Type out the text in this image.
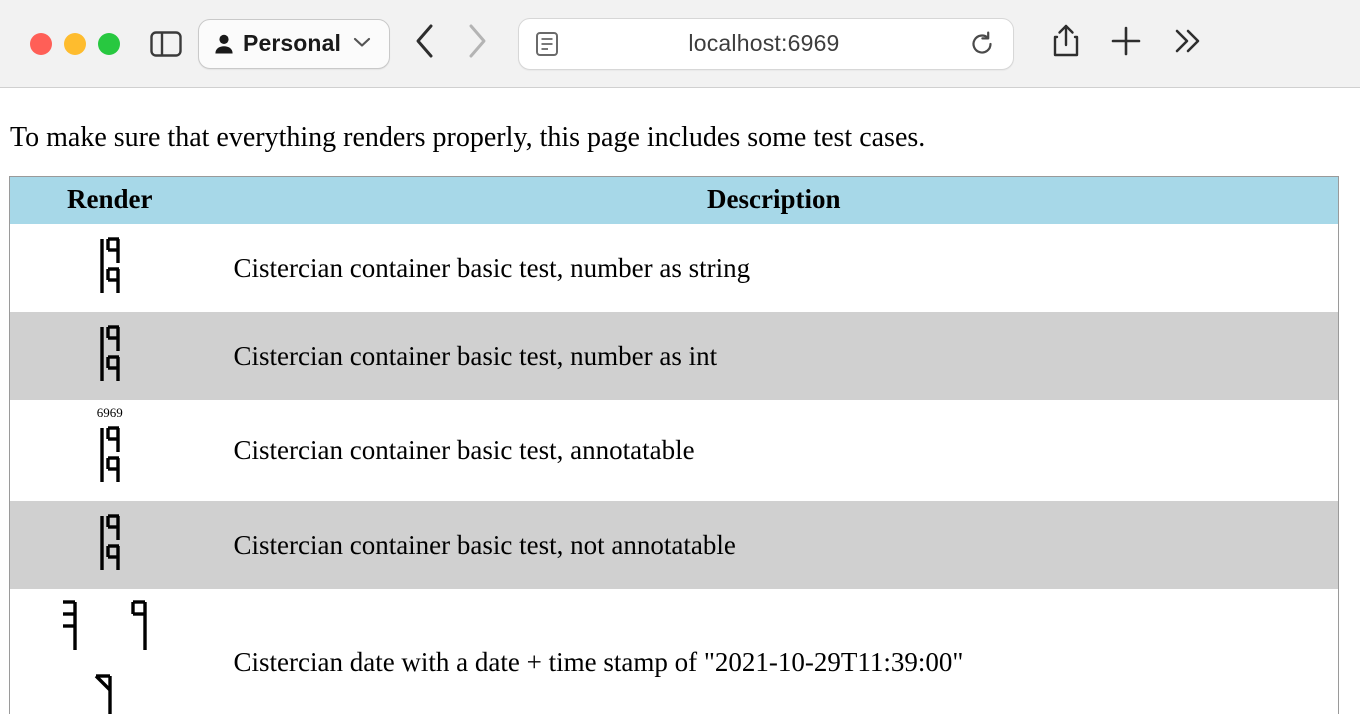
Personal	localhost:6969

To make sure that everything renders properly, this page includes some test cases.

Render	Description

	Cistercian container basic test, number as string

	Cistercian container basic test, number as int

6969	Cistercian container basic test, annotatable

	Cistercian container basic test, not annotatable

	Cistercian date with a date + time stamp of "2021-10-29T11:39:00"
